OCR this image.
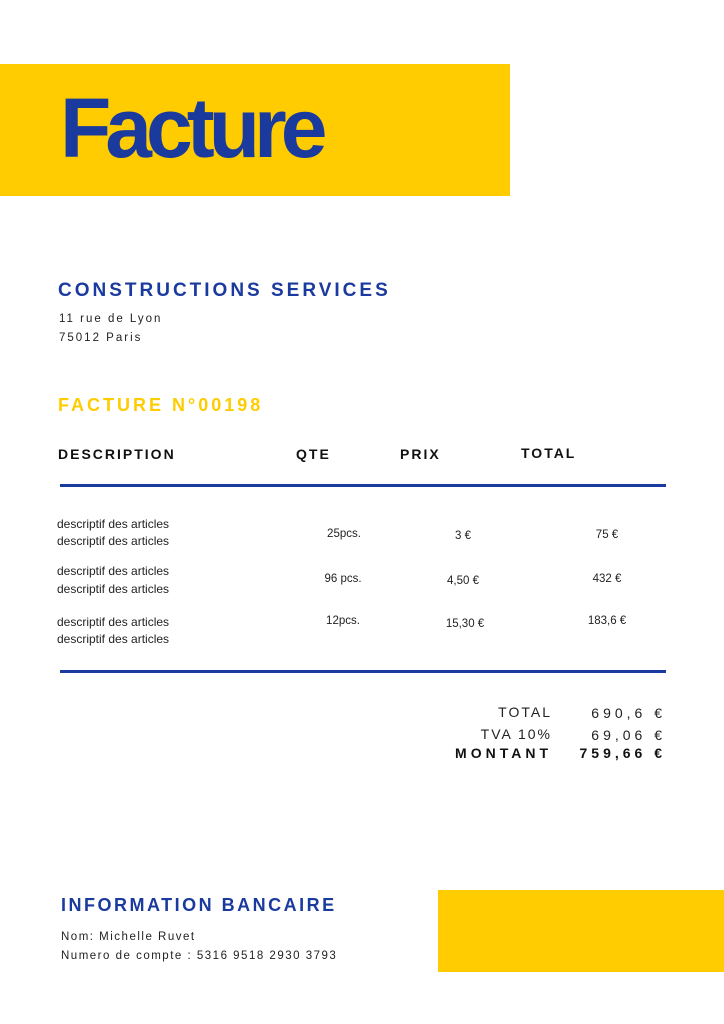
Facture
CONSTRUCTIONS SERVICES
11 rue de Lyon
75012 Paris
FACTURE N°00198
DESCRIPTION	QTE	PRIX	TOTAL
descriptif des articles
descriptif des articles	25pcs.	3 €	75 €
descriptif des articles
descriptif des articles
96 pcs.	4,50 €	432 €
descriptif des articles
descriptif des articles
12pcs.	15,30 €	183,6 €
TOTAL	690,6 €
TVA 10%	69,06 €
MONTANT 759,66 €
INFORMATION BANCAIRE
Nom: Michelle Ruvet
Numero de compte : 5316 9518 2930 3793
